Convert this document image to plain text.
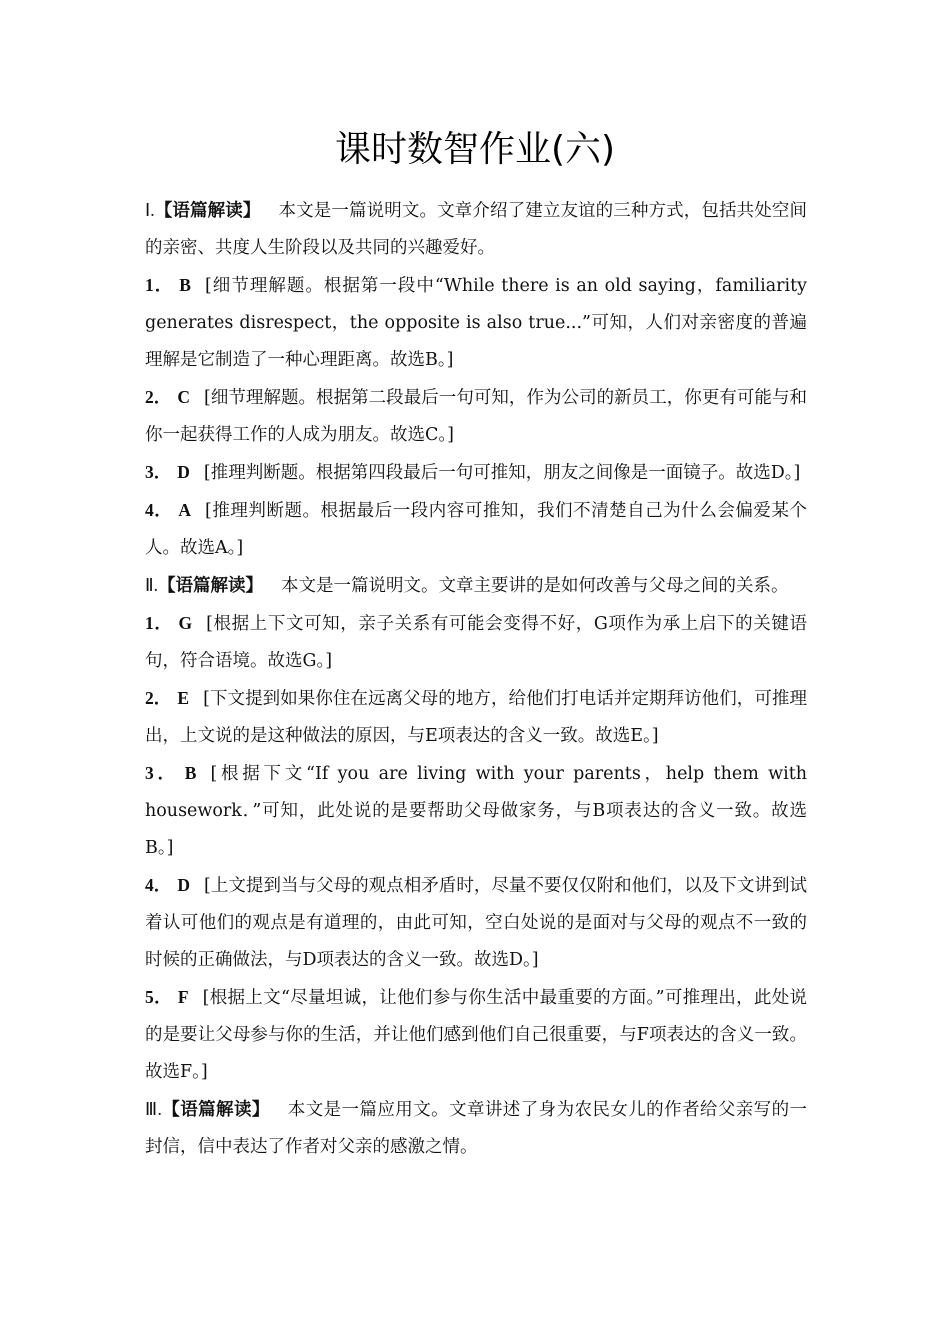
课时数智作业(六)

Ⅰ.【语篇解读】 本文是一篇说明文。文章介绍了建立友谊的三种方式，包括共处空间的亲密、共度人生阶段以及共同的兴趣爱好。

1． B [细节理解题。根据第一段中“While there is an old saying，familiarity generates disrespect，the opposite is also true...”可知，人们对亲密度的普遍理解是它制造了一种心理距离。故选B。]

2． C [细节理解题。根据第二段最后一句可知，作为公司的新员工，你更有可能与和你一起获得工作的人成为朋友。故选C。]

3． D [推理判断题。根据第四段最后一句可推知，朋友之间像是一面镜子。故选D。]

4． A [推理判断题。根据最后一段内容可推知，我们不清楚自己为什么会偏爱某个人。故选A。]

Ⅱ.【语篇解读】 本文是一篇说明文。文章主要讲的是如何改善与父母之间的关系。

1． G [根据上下文可知，亲子关系有可能会变得不好，G项作为承上启下的关键语句，符合语境。故选G。]

2． E [下文提到如果你住在远离父母的地方，给他们打电话并定期拜访他们，可推理出，上文说的是这种做法的原因，与E项表达的含义一致。故选E。]

3． B [根据下文“If you are living with your parents，help them with housework．”可知，此处说的是要帮助父母做家务，与B项表达的含义一致。故选B。]

4． D [上文提到当与父母的观点相矛盾时，尽量不要仅仅附和他们，以及下文讲到试着认可他们的观点是有道理的，由此可知，空白处说的是面对与父母的观点不一致的时候的正确做法，与D项表达的含义一致。故选D。]

5． F [根据上文“尽量坦诚，让他们参与你生活中最重要的方面。”可推理出，此处说的是要让父母参与你的生活，并让他们感到他们自己很重要，与F项表达的含义一致。故选F。]

Ⅲ.【语篇解读】 本文是一篇应用文。文章讲述了身为农民女儿的作者给父亲写的一封信，信中表达了作者对父亲的感激之情。
